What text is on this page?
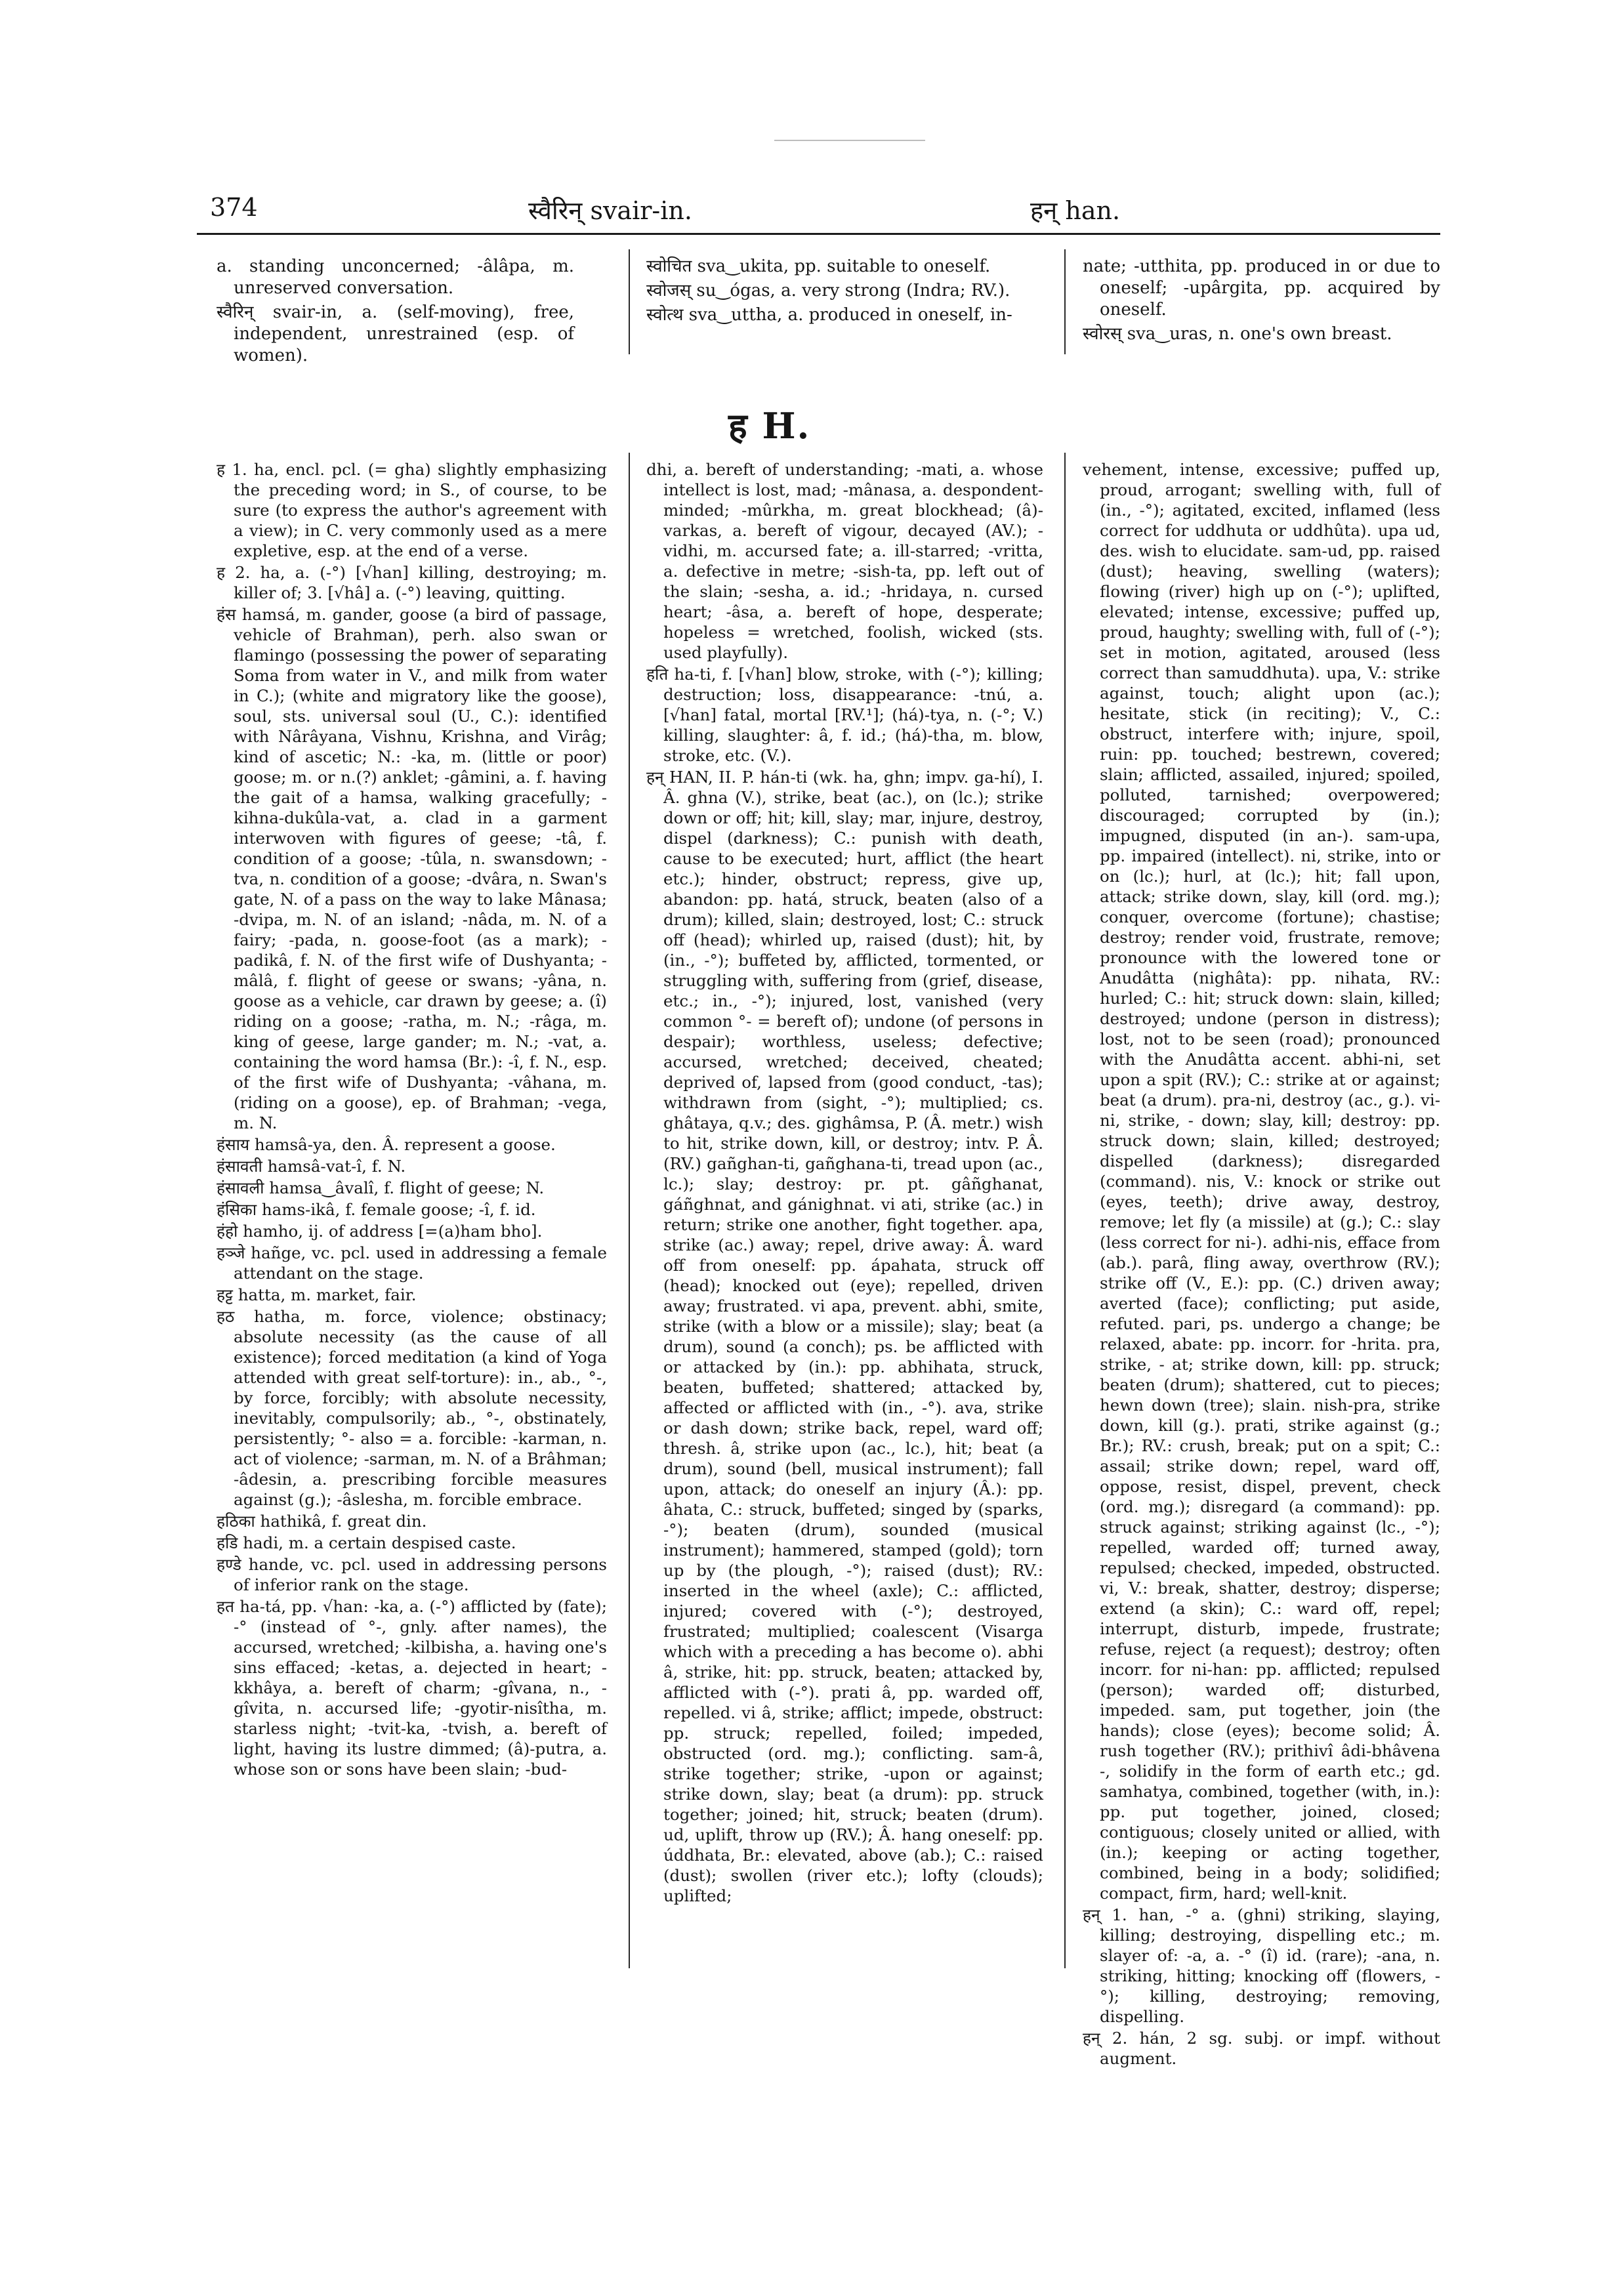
374	स्वैरिन् svair-in.	हन् han.

a. standing unconcerned; -âlâpa, m. unreserved conversation.

स्वैरिन् svair-in, a. (self-moving), free, independent, unrestrained (esp. of women).

स्वोचित sva‿ukita, pp. suitable to oneself.

स्वोजस् su‿ógas, a. very strong (Indra; RV.).

स्वोत्थ sva‿uttha, a. produced in oneself, in-

nate; -utthita, pp. produced in or due to oneself; -upârgita, pp. acquired by oneself.

स्वोरस् sva‿uras, n. one's own breast.

ह H.

ह 1. ha, encl. pcl. (= gha) slightly emphasizing the preceding word; in S., of course, to be sure (to express the author's agreement with a view); in C. very commonly used as a mere expletive, esp. at the end of a verse.

ह 2. ha, a. (-°) [√han] killing, destroying; m. killer of; 3. [√hâ] a. (-°) leaving, quitting.

हंस hamsá, m. gander, goose (a bird of passage, vehicle of Brahman), perh. also swan or flamingo (possessing the power of separating Soma from water in V., and milk from water in C.); (white and migratory like the goose), soul, sts. universal soul (U., C.): identified with Nârâyana, Vishnu, Krishna, and Virâg; kind of ascetic; N.: -ka, m. (little or poor) goose; m. or n.(?) anklet; -gâmini, a. f. having the gait of a hamsa, walking gracefully; -kihna-dukûla-vat, a. clad in a garment interwoven with figures of geese; -tâ, f. condition of a goose; -tûla, n. swansdown; -tva, n. condition of a goose; -dvâra, n. Swan's gate, N. of a pass on the way to lake Mânasa; -dvipa, m. N. of an island; -nâda, m. N. of a fairy; -pada, n. goose-foot (as a mark); -padikâ, f. N. of the first wife of Dushyanta; -mâlâ, f. flight of geese or swans; -yâna, n. goose as a vehicle, car drawn by geese; a. (î) riding on a goose; -ratha, m. N.; -râga, m. king of geese, large gander; m. N.; -vat, a. containing the word hamsa (Br.): -î, f. N., esp. of the first wife of Dushyanta; -vâhana, m. (riding on a goose), ep. of Brahman; -vega, m. N.

हंसाय hamsâ-ya, den. Â. represent a goose.

हंसावती hamsâ-vat-î, f. N.

हंसावली hamsa‿âvalî, f. flight of geese; N.

हंसिका hams-ikâ, f. female goose; -î, f. id.

हंहो hamho, ij. of address [=(a)ham bho].

हञ्जे hañge, vc. pcl. used in addressing a female attendant on the stage.

हट्ट hatta, m. market, fair.

हठ hatha, m. force, violence; obstinacy; absolute necessity (as the cause of all existence); forced meditation (a kind of Yoga attended with great self-torture): in., ab., °-, by force, forcibly; with absolute necessity, inevitably, compulsorily; ab., °-, obstinately, persistently; °- also = a. forcible: -karman, n. act of violence; -sarman, m. N. of a Brâhman; -âdesin, a. prescribing forcible measures against (g.); -âslesha, m. forcible embrace.

हठिका hathikâ, f. great din.

हडि hadi, m. a certain despised caste.

हण्डे hande, vc. pcl. used in addressing persons of inferior rank on the stage.

हत ha-tá, pp. √han: -ka, a. (-°) afflicted by (fate); -° (instead of °-, gnly. after names), the accursed, wretched; -kilbisha, a. having one's sins effaced; -ketas, a. dejected in heart; -kkhâya, a. bereft of charm; -gîvana, n., -gîvita, n. accursed life; -gyotir-nisîtha, m. starless night; -tvit-ka, -tvish, a. bereft of light, having its lustre dimmed; (â)-putra, a. whose son or sons have been slain; -bud-

dhi, a. bereft of understanding; -mati, a. whose intellect is lost, mad; -mânasa, a. despondent-minded; -mûrkha, m. great blockhead; (â)-varkas, a. bereft of vigour, decayed (AV.); -vidhi, m. accursed fate; a. ill-starred; -vritta, a. defective in metre; -sish-ta, pp. left out of the slain; -sesha, a. id.; -hridaya, n. cursed heart; -âsa, a. bereft of hope, desperate; hopeless = wretched, foolish, wicked (sts. used playfully).

हति ha-ti, f. [√han] blow, stroke, with (-°); killing; destruction; loss, disappearance: -tnú, a. [√han] fatal, mortal [RV.¹]; (há)-tya, n. (-°; V.) killing, slaughter: â, f. id.; (há)-tha, m. blow, stroke, etc. (V.).

हन् HAN, II. P. hán-ti (wk. ha, ghn; impv. ga-hí), I. Â. ghna (V.), strike, beat (ac.), on (lc.); strike down or off; hit; kill, slay; mar, injure, destroy, dispel (darkness); C.: punish with death, cause to be executed; hurt, afflict (the heart etc.); hinder, obstruct; repress, give up, abandon: pp. hatá, struck, beaten (also of a drum); killed, slain; destroyed, lost; C.: struck off (head); whirled up, raised (dust); hit, by (in., -°); buffeted by, afflicted, tormented, or struggling with, suffering from (grief, disease, etc.; in., -°); injured, lost, vanished (very common °- = bereft of); undone (of persons in despair); worthless, useless; defective; accursed, wretched; deceived, cheated; deprived of, lapsed from (good conduct, -tas); withdrawn from (sight, -°); multiplied; cs. ghâtaya, q.v.; des. gighâmsa, P. (Â. metr.) wish to hit, strike down, kill, or destroy; intv. P. Â. (RV.) gañghan-ti, gañghana-ti, tread upon (ac., lc.); slay; destroy: pr. pt. gâñghanat, gáñghnat, and gánighnat. vi ati, strike (ac.) in return; strike one another, fight together. apa, strike (ac.) away; repel, drive away: Â. ward off from oneself: pp. ápahata, struck off (head); knocked out (eye); repelled, driven away; frustrated. vi apa, prevent. abhi, smite, strike (with a blow or a missile); slay; beat (a drum), sound (a conch); ps. be afflicted with or attacked by (in.): pp. abhihata, struck, beaten, buffeted; shattered; attacked by, affected or afflicted with (in., -°). ava, strike or dash down; strike back, repel, ward off; thresh. â, strike upon (ac., lc.), hit; beat (a drum), sound (bell, musical instrument); fall upon, attack; do oneself an injury (Â.): pp. âhata, C.: struck, buffeted; singed by (sparks, -°); beaten (drum), sounded (musical instrument); hammered, stamped (gold); torn up by (the plough, -°); raised (dust); RV.: inserted in the wheel (axle); C.: afflicted, injured; covered with (-°); destroyed, frustrated; multiplied; coalescent (Visarga which with a preceding a has become o). abhi â, strike, hit: pp. struck, beaten; attacked by, afflicted with (-°). prati â, pp. warded off, repelled. vi â, strike; afflict; impede, obstruct: pp. struck; repelled, foiled; impeded, obstructed (ord. mg.); conflicting. sam-â, strike together; strike, -upon or against; strike down, slay; beat (a drum): pp. struck together; joined; hit, struck; beaten (drum). ud, uplift, throw up (RV.); Â. hang oneself: pp. úddhata, Br.: elevated, above (ab.); C.: raised (dust); swollen (river etc.); lofty (clouds); uplifted;

vehement, intense, excessive; puffed up, proud, arrogant; swelling with, full of (in., -°); agitated, excited, inflamed (less correct for uddhuta or uddhûta). upa ud, des. wish to elucidate. sam-ud, pp. raised (dust); heaving, swelling (waters); flowing (river) high up on (-°); uplifted, elevated; intense, excessive; puffed up, proud, haughty; swelling with, full of (-°); set in motion, agitated, aroused (less correct than samuddhuta). upa, V.: strike against, touch; alight upon (ac.); hesitate, stick (in reciting); V., C.: obstruct, interfere with; injure, spoil, ruin: pp. touched; bestrewn, covered; slain; afflicted, assailed, injured; spoiled, polluted, tarnished; overpowered; discouraged; corrupted by (in.); impugned, disputed (in an-). sam-upa, pp. impaired (intellect). ni, strike, into or on (lc.); hurl, at (lc.); hit; fall upon, attack; strike down, slay, kill (ord. mg.); conquer, overcome (fortune); chastise; destroy; render void, frustrate, remove; pronounce with the lowered tone or Anudâtta (nighâta): pp. nihata, RV.: hurled; C.: hit; struck down: slain, killed; destroyed; undone (person in distress); lost, not to be seen (road); pronounced with the Anudâtta accent. abhi-ni, set upon a spit (RV.); C.: strike at or against; beat (a drum). pra-ni, destroy (ac., g.). vi-ni, strike, - down; slay, kill; destroy: pp. struck down; slain, killed; destroyed; dispelled (darkness); disregarded (command). nis, V.: knock or strike out (eyes, teeth); drive away, destroy, remove; let fly (a missile) at (g.); C.: slay (less correct for ni-). adhi-nis, efface from (ab.). parâ, fling away, overthrow (RV.); strike off (V., E.): pp. (C.) driven away; averted (face); conflicting; put aside, refuted. pari, ps. undergo a change; be relaxed, abate: pp. incorr. for -hrita. pra, strike, - at; strike down, kill: pp. struck; beaten (drum); shattered, cut to pieces; hewn down (tree); slain. nish-pra, strike down, kill (g.). prati, strike against (g.; Br.); RV.: crush, break; put on a spit; C.: assail; strike down; repel, ward off, oppose, resist, dispel, prevent, check (ord. mg.); disregard (a command): pp. struck against; striking against (lc., -°); repelled, warded off; turned away, repulsed; checked, impeded, obstructed. vi, V.: break, shatter, destroy; disperse; extend (a skin); C.: ward off, repel; interrupt, disturb, impede, frustrate; refuse, reject (a request); destroy; often incorr. for ni-han: pp. afflicted; repulsed (person); warded off; disturbed, impeded. sam, put together, join (the hands); close (eyes); become solid; Â. rush together (RV.); prithivî âdi-bhâvena -, solidify in the form of earth etc.; gd. samhatya, combined, together (with, in.): pp. put together, joined, closed; contiguous; closely united or allied, with (in.); keeping or acting together, combined, being in a body; solidified; compact, firm, hard; well-knit.

हन् 1. han, -° a. (ghni) striking, slaying, killing; destroying, dispelling etc.; m. slayer of: -a, a. -° (î) id. (rare); -ana, n. striking, hitting; knocking off (flowers, -°); killing, destroying; removing, dispelling.

हन् 2. hán, 2 sg. subj. or impf. without augment.
